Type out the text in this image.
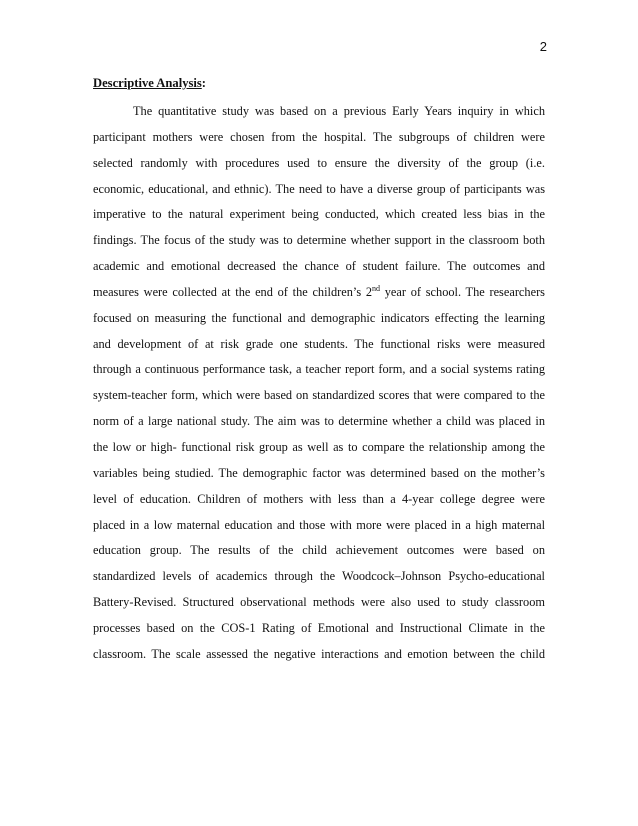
2
Descriptive Analysis:
The quantitative study was based on a previous Early Years inquiry in which
participant mothers were chosen from the hospital. The subgroups of children were
selected randomly with procedures used to ensure the diversity of the group (i.e.
economic, educational, and ethnic). The need to have a diverse group of participants was
imperative to the natural experiment being conducted, which created less bias in the
findings. The focus of the study was to determine whether support in the classroom both
academic and emotional decreased the chance of student failure. The outcomes and
measures were collected at the end of the children’s 2nd year of school. The researchers
focused on measuring the functional and demographic indicators effecting the learning
and development of at risk grade one students. The functional risks were measured
through a continuous performance task, a teacher report form, and a social systems rating
system-teacher form, which were based on standardized scores that were compared to the
norm of a large national study. The aim was to determine whether a child was placed in
the low or high- functional risk group as well as to compare the relationship among the
variables being studied. The demographic factor was determined based on the mother’s
level of education. Children of mothers with less than a 4-year college degree were
placed in a low maternal education and those with more were placed in a high maternal
education group. The results of the child achievement outcomes were based on
standardized levels of academics through the Woodcock–Johnson Psycho-educational
Battery-Revised. Structured observational methods were also used to study classroom
processes based on the COS-1 Rating of Emotional and Instructional Climate in the
classroom. The scale assessed the negative interactions and emotion between the child
